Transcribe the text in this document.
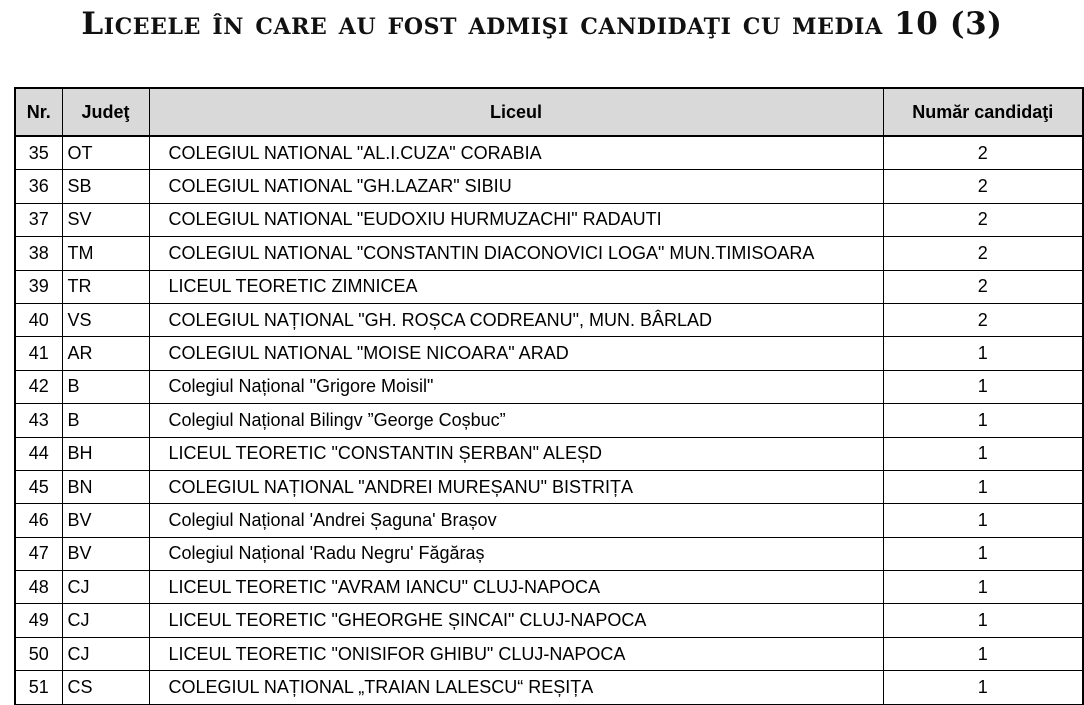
Liceele în care au fost admişi candidaţi cu media 10 (3)
Nr.	Judeţ	Liceul	Număr candidaţi
35	OT	COLEGIUL NATIONAL "AL.I.CUZA" CORABIA	2
36	SB	COLEGIUL NATIONAL "GH.LAZAR" SIBIU	2
37	SV	COLEGIUL NATIONAL "EUDOXIU HURMUZACHI" RADAUTI	2
38	TM	COLEGIUL NATIONAL "CONSTANTIN DIACONOVICI LOGA" MUN.TIMISOARA	2
39	TR	LICEUL TEORETIC ZIMNICEA	2
40	VS	COLEGIUL NAȚIONAL "GH. ROȘCA CODREANU", MUN. BÂRLAD	2
41	AR	COLEGIUL NATIONAL "MOISE NICOARA" ARAD	1
42	B	Colegiul Național "Grigore Moisil"	1
43	B	Colegiul Național Bilingv ”George Coșbuc”	1
44	BH	LICEUL TEORETIC "CONSTANTIN ȘERBAN" ALEȘD	1
45	BN	COLEGIUL NAȚIONAL "ANDREI MUREȘANU" BISTRIȚA	1
46	BV	Colegiul Național 'Andrei Șaguna' Brașov	1
47	BV	Colegiul Național 'Radu Negru' Făgăraș	1
48	CJ	LICEUL TEORETIC "AVRAM IANCU" CLUJ-NAPOCA	1
49	CJ	LICEUL TEORETIC "GHEORGHE ȘINCAI" CLUJ-NAPOCA	1
50	CJ	LICEUL TEORETIC "ONISIFOR GHIBU" CLUJ-NAPOCA	1
51	CS	COLEGIUL NAȚIONAL „TRAIAN LALESCU“ REȘIȚA	1
